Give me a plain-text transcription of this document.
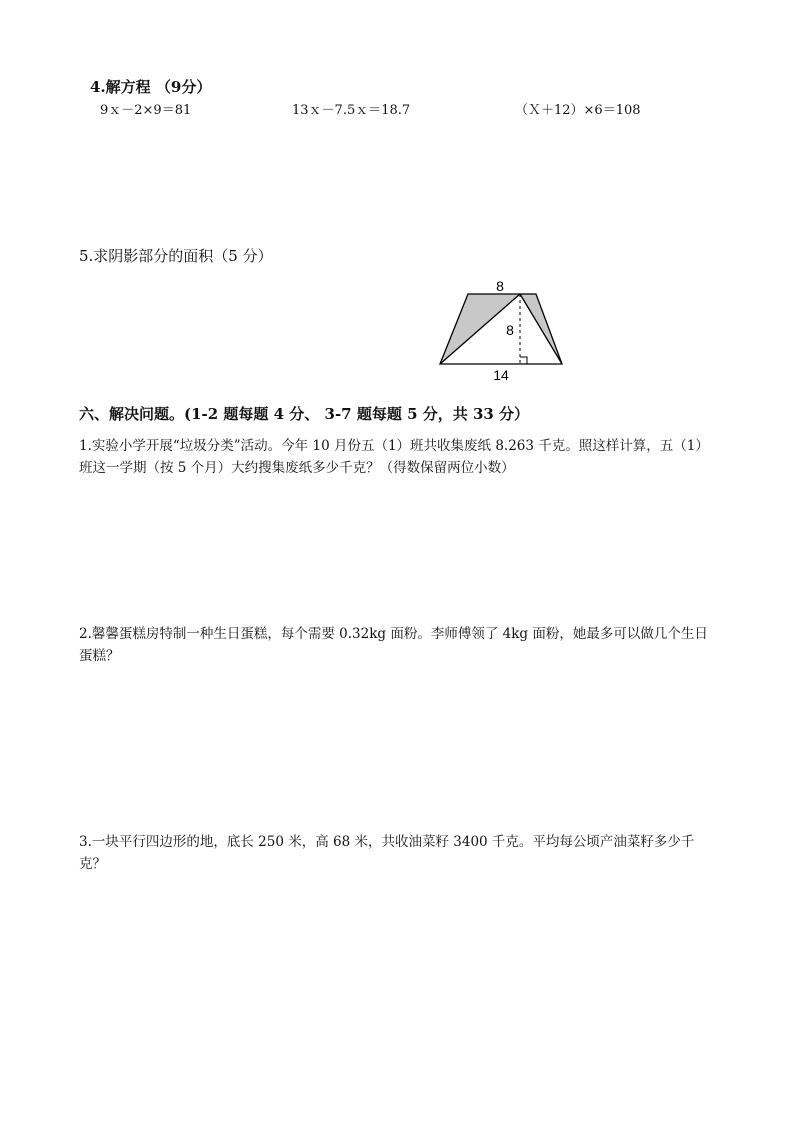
4.解方程 （9分）
9ｘ－2×9＝81	13ｘ－7.5ｘ＝18.7	（Ｘ＋12）×6＝108
5.求阴影部分的面积（5 分）
8
8
14
六、解决问题。(1-2 题每题 4 分、 3-7 题每题 5 分，共 33 分）
1.实验小学开展“垃圾分类”活动。今年 10 月份五（1）班共收集废纸 8.263 千克。照这样计算，五（1）班这一学期（按 5 个月）大约搜集废纸多少千克？（得数保留两位小数）
2.馨馨蛋糕房特制一种生日蛋糕，每个需要 0.32kg 面粉。李师傅领了 4kg 面粉，她最多可以做几个生日蛋糕？
3.一块平行四边形的地，底长 250 米，高 68 米，共收油菜籽 3400 千克。平均每公顷产油菜籽多少千克？
